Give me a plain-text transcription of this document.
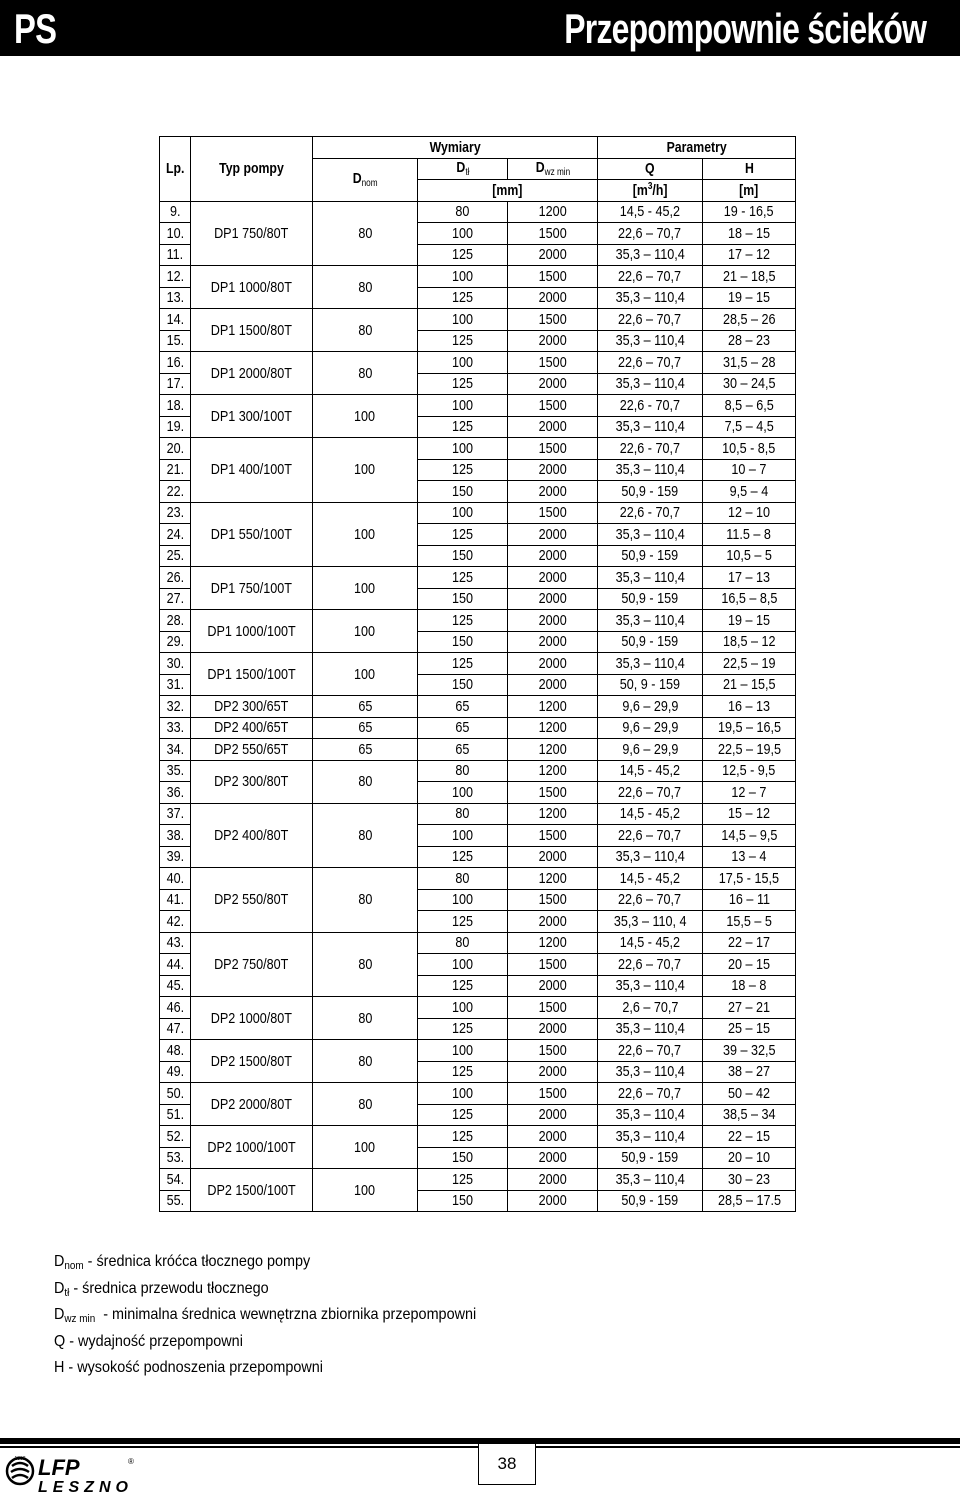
PS	Przepompownie ścieków
Lp.	Typ pompy	Wymiary			Parametry	
		$D_{nom}$	$D_{tł}$	$D_{wz min}$	Q	H
			[mm]		$[m^3/h]$	[m]
9.	DP1 750/80T	80	80	1200	14,5 - 45,2	19 - 16,5
10.			100	1500	22,6 – 70,7	18 – 15
11.			125	2000	35,3 – 110,4	17 – 12
12.	DP1 1000/80T	80	100	1500	22,6 – 70,7	21 – 18,5
13.			125	2000	35,3 – 110,4	19 – 15
14.	DP1 1500/80T	80	100	1500	22,6 – 70,7	28,5 – 26
15.			125	2000	35,3 – 110,4	28 – 23
16.	DP1 2000/80T	80	100	1500	22,6 – 70,7	31,5 – 28
17.			125	2000	35,3 – 110,4	30 – 24,5
18.	DP1 300/100T	100	100	1500	22,6 - 70,7	8,5 – 6,5
19.			125	2000	35,3 – 110,4	7,5 – 4,5
20.	DP1 400/100T	100	100	1500	22,6 - 70,7	10,5 - 8,5
21.			125	2000	35,3 – 110,4	10 – 7
22.			150	2000	50,9 - 159	9,5 – 4
23.	DP1 550/100T	100	100	1500	22,6 - 70,7	12 – 10
24.			125	2000	35,3 – 110,4	11.5 – 8
25.			150	2000	50,9 - 159	10,5 – 5
26.	DP1 750/100T	100	125	2000	35,3 – 110,4	17 – 13
27.			150	2000	50,9 - 159	16,5 – 8,5
28.	DP1 1000/100T	100	125	2000	35,3 – 110,4	19 – 15
29.			150	2000	50,9 - 159	18,5 – 12
30.	DP1 1500/100T	100	125	2000	35,3 – 110,4	22,5 – 19
31.			150	2000	50, 9 - 159	21 – 15,5
32.	DP2 300/65T	65	65	1200	9,6 – 29,9	16 – 13
33.	DP2 400/65T	65	65	1200	9,6 – 29,9	19,5 – 16,5
34.	DP2 550/65T	65	65	1200	9,6 – 29,9	22,5 – 19,5
35.	DP2 300/80T	80	80	1200	14,5 - 45,2	12,5 - 9,5
36.			100	1500	22,6 – 70,7	12 – 7
37.	DP2 400/80T	80	80	1200	14,5 - 45,2	15 – 12
38.			100	1500	22,6 – 70,7	14,5 – 9,5
39.			125	2000	35,3 – 110,4	13 – 4
40.	DP2 550/80T	80	80	1200	14,5 - 45,2	17,5 - 15,5
41.			100	1500	22,6 – 70,7	16 – 11
42.			125	2000	35,3 – 110, 4	15,5 – 5
43.	DP2 750/80T	80	80	1200	14,5 - 45,2	22 – 17
44.			100	1500	22,6 – 70,7	20 – 15
45.			125	2000	35,3 – 110,4	18 – 8
46.	DP2 1000/80T	80	100	1500	2,6 – 70,7	27 – 21
47.			125	2000	35,3 – 110,4	25 – 15
48.	DP2 1500/80T	80	100	1500	22,6 – 70,7	39 – 32,5
49.			125	2000	35,3 – 110,4	38 – 27
50.	DP2 2000/80T	80	100	1500	22,6 – 70,7	50 – 42
51.			125	2000	35,3 – 110,4	38,5 – 34
52.	DP2 1000/100T	100	125	2000	35,3 – 110,4	22 – 15
53.			150	2000	50,9 - 159	20 – 10
54.	DP2 1500/100T	100	125	2000	35,3 – 110,4	30 – 23
55.			150	2000	50,9 - 159	28,5 – 17.5
$D_{nom}$ - średnica króćca tłocznego pompy
$D_{tł}$ - średnica przewodu tłocznego
$D_{wz min}$  - minimalna średnica wewnętrzna zbiornika przepompowni
Q - wydajność przepompowni
H - wysokość podnoszenia przepompowni
38
1868 LFP	®
LESZNO
